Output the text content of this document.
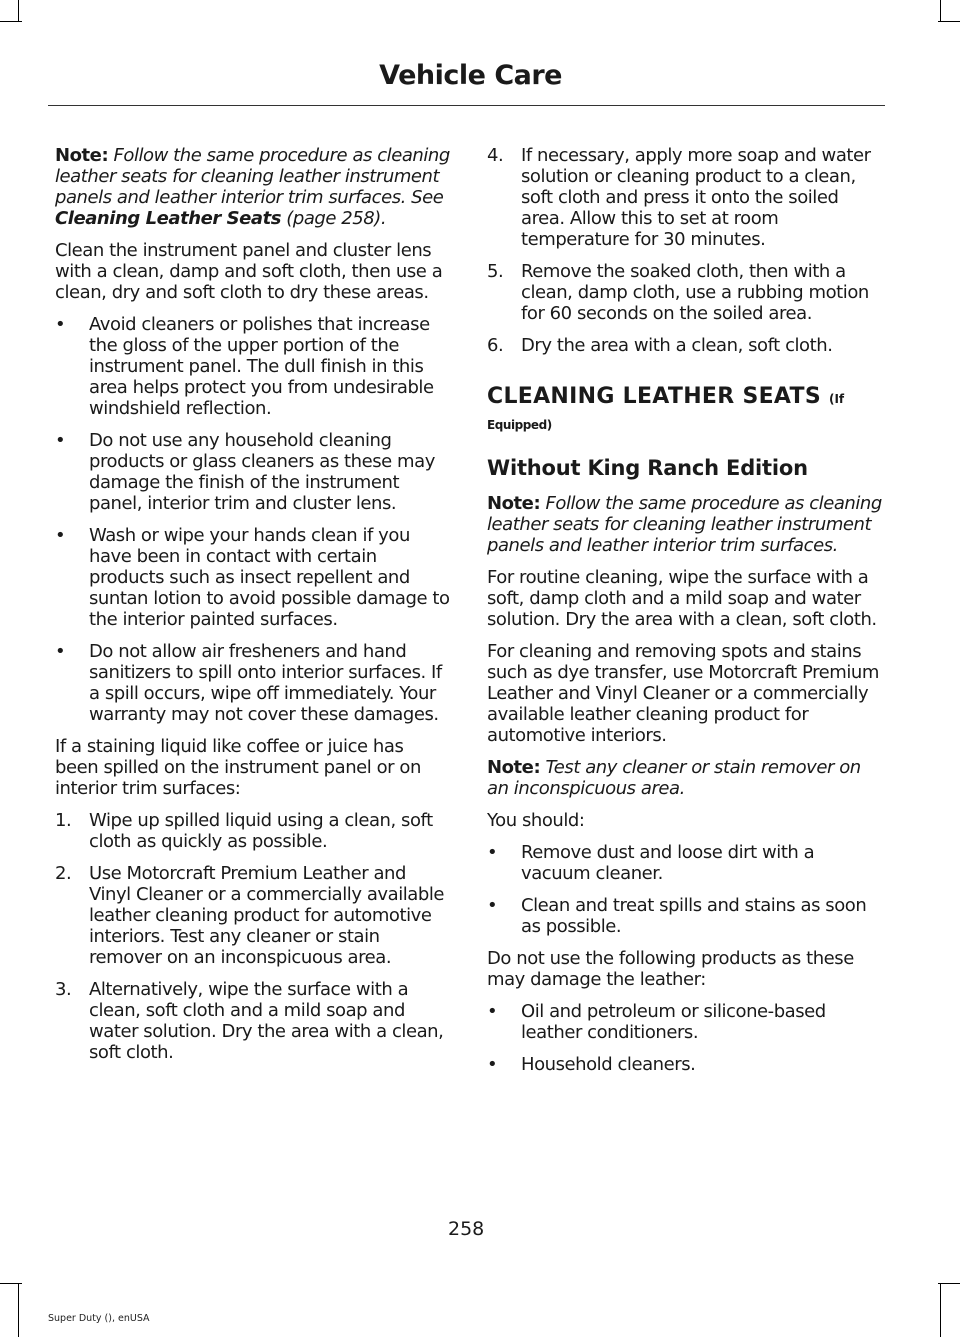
Vehicle Care

Note: Follow the same procedure as cleaning leather seats for cleaning leather instrument panels and leather interior trim surfaces. See Cleaning Leather Seats (page 258).

Clean the instrument panel and cluster lens with a clean, damp and soft cloth, then use a clean, dry and soft cloth to dry these areas.

• Avoid cleaners or polishes that increase the gloss of the upper portion of the instrument panel. The dull finish in this area helps protect you from undesirable windshield reflection.
• Do not use any household cleaning products or glass cleaners as these may damage the finish of the instrument panel, interior trim and cluster lens.
• Wash or wipe your hands clean if you have been in contact with certain products such as insect repellent and suntan lotion to avoid possible damage to the interior painted surfaces.
• Do not allow air fresheners and hand sanitizers to spill onto interior surfaces. If a spill occurs, wipe off immediately. Your warranty may not cover these damages.

If a staining liquid like coffee or juice has been spilled on the instrument panel or on interior trim surfaces:

1. Wipe up spilled liquid using a clean, soft cloth as quickly as possible.
2. Use Motorcraft Premium Leather and Vinyl Cleaner or a commercially available leather cleaning product for automotive interiors. Test any cleaner or stain remover on an inconspicuous area.
3. Alternatively, wipe the surface with a clean, soft cloth and a mild soap and water solution. Dry the area with a clean, soft cloth.
4. If necessary, apply more soap and water solution or cleaning product to a clean, soft cloth and press it onto the soiled area. Allow this to set at room temperature for 30 minutes.
5. Remove the soaked cloth, then with a clean, damp cloth, use a rubbing motion for 60 seconds on the soiled area.
6. Dry the area with a clean, soft cloth.
CLEANING LEATHER SEATS (If
Equipped)
Without King Ranch Edition

Note: Follow the same procedure as cleaning leather seats for cleaning leather instrument panels and leather interior trim surfaces.

For routine cleaning, wipe the surface with a soft, damp cloth and a mild soap and water solution. Dry the area with a clean, soft cloth.

For cleaning and removing spots and stains such as dye transfer, use Motorcraft Premium Leather and Vinyl Cleaner or a commercially available leather cleaning product for automotive interiors.

Note: Test any cleaner or stain remover on an inconspicuous area.

You should:

• Remove dust and loose dirt with a vacuum cleaner.
• Clean and treat spills and stains as soon as possible.

Do not use the following products as these may damage the leather:

• Oil and petroleum or silicone-based leather conditioners.
• Household cleaners.
258
Super Duty (), enUSA
